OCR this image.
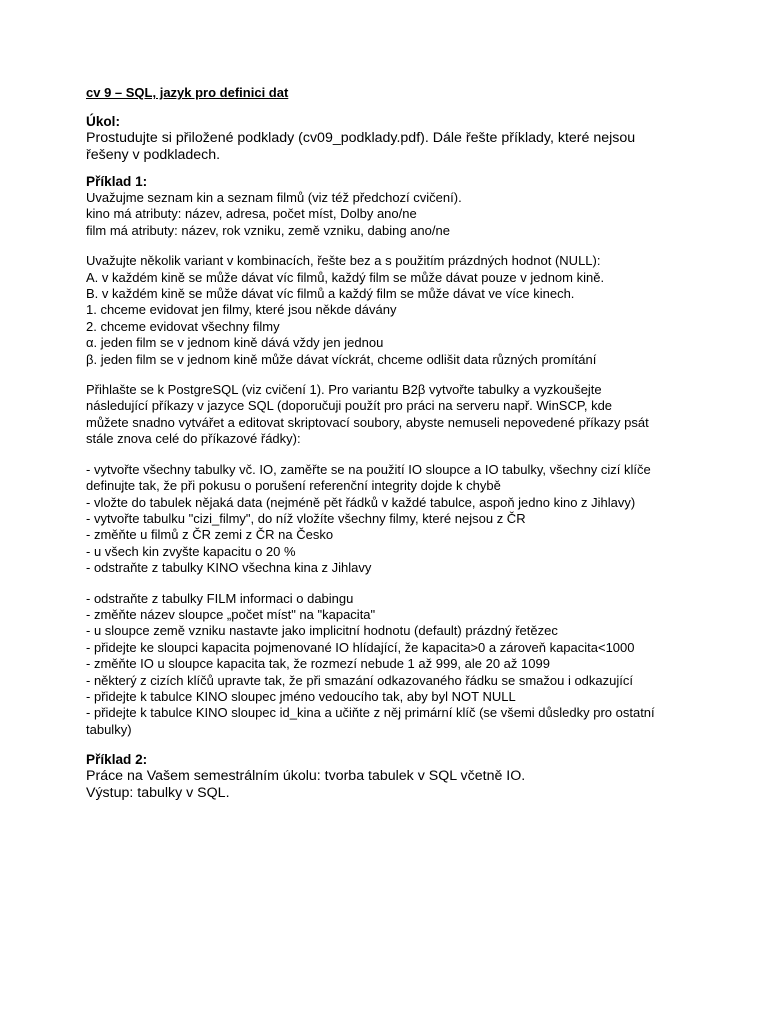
cv 9 – SQL, jazyk pro definici dat
Úkol:
Prostudujte si přiložené podklady (cv09_podklady.pdf). Dále řešte příklady, které nejsou
řešeny v podkladech.
Příklad 1:
Uvažujme seznam kin a seznam filmů (viz též předchozí cvičení).
kino má atributy: název, adresa, počet míst, Dolby ano/ne
film má atributy: název, rok vzniku, země vzniku, dabing ano/ne
Uvažujte několik variant v kombinacích, řešte bez a s použitím prázdných hodnot (NULL):
A. v každém kině se může dávat víc filmů, každý film se může dávat pouze v jednom kině.
B. v každém kině se může dávat víc filmů a každý film se může dávat ve více kinech.
1. chceme evidovat jen filmy, které jsou někde dávány
2. chceme evidovat všechny filmy
α. jeden film se v jednom kině dává vždy jen jednou
β. jeden film se v jednom kině může dávat víckrát, chceme odlišit data různých promítání
Přihlašte se k PostgreSQL (viz cvičení 1). Pro variantu B2β vytvořte tabulky a vyzkoušejte
následující příkazy v jazyce SQL (doporučuji použít pro práci na serveru např. WinSCP, kde
můžete snadno vytvářet a editovat skriptovací soubory, abyste nemuseli nepovedené příkazy psát
stále znova celé do příkazové řádky):
- vytvořte všechny tabulky vč. IO, zaměřte se na použití IO sloupce a IO tabulky, všechny cizí klíče
definujte tak, že při pokusu o porušení referenční integrity dojde k chybě
- vložte do tabulek nějaká data (nejméně pět řádků v každé tabulce, aspoň jedno kino z Jihlavy)
- vytvořte tabulku "cizi_filmy", do níž vložíte všechny filmy, které nejsou z ČR
- změňte u filmů z ČR zemi z ČR na Česko
- u všech kin zvyšte kapacitu o 20 %
- odstraňte z tabulky KINO všechna kina z Jihlavy
- odstraňte z tabulky FILM informaci o dabingu
- změňte název sloupce „počet míst" na "kapacita"
- u sloupce země vzniku nastavte jako implicitní hodnotu (default) prázdný řetězec
- přidejte ke sloupci kapacita pojmenované IO hlídající, že kapacita>0 a zároveň kapacita<1000
- změňte IO u sloupce kapacita tak, že rozmezí nebude 1 až 999, ale 20 až 1099
- některý z cizích klíčů upravte tak, že při smazání odkazovaného řádku se smažou i odkazující
- přidejte k tabulce KINO sloupec jméno vedoucího tak, aby byl NOT NULL
- přidejte k tabulce KINO sloupec id_kina a učiňte z něj primární klíč (se všemi důsledky pro ostatní
tabulky)
Příklad 2:
Práce na Vašem semestrálním úkolu: tvorba tabulek v SQL včetně IO.
Výstup: tabulky v SQL.
